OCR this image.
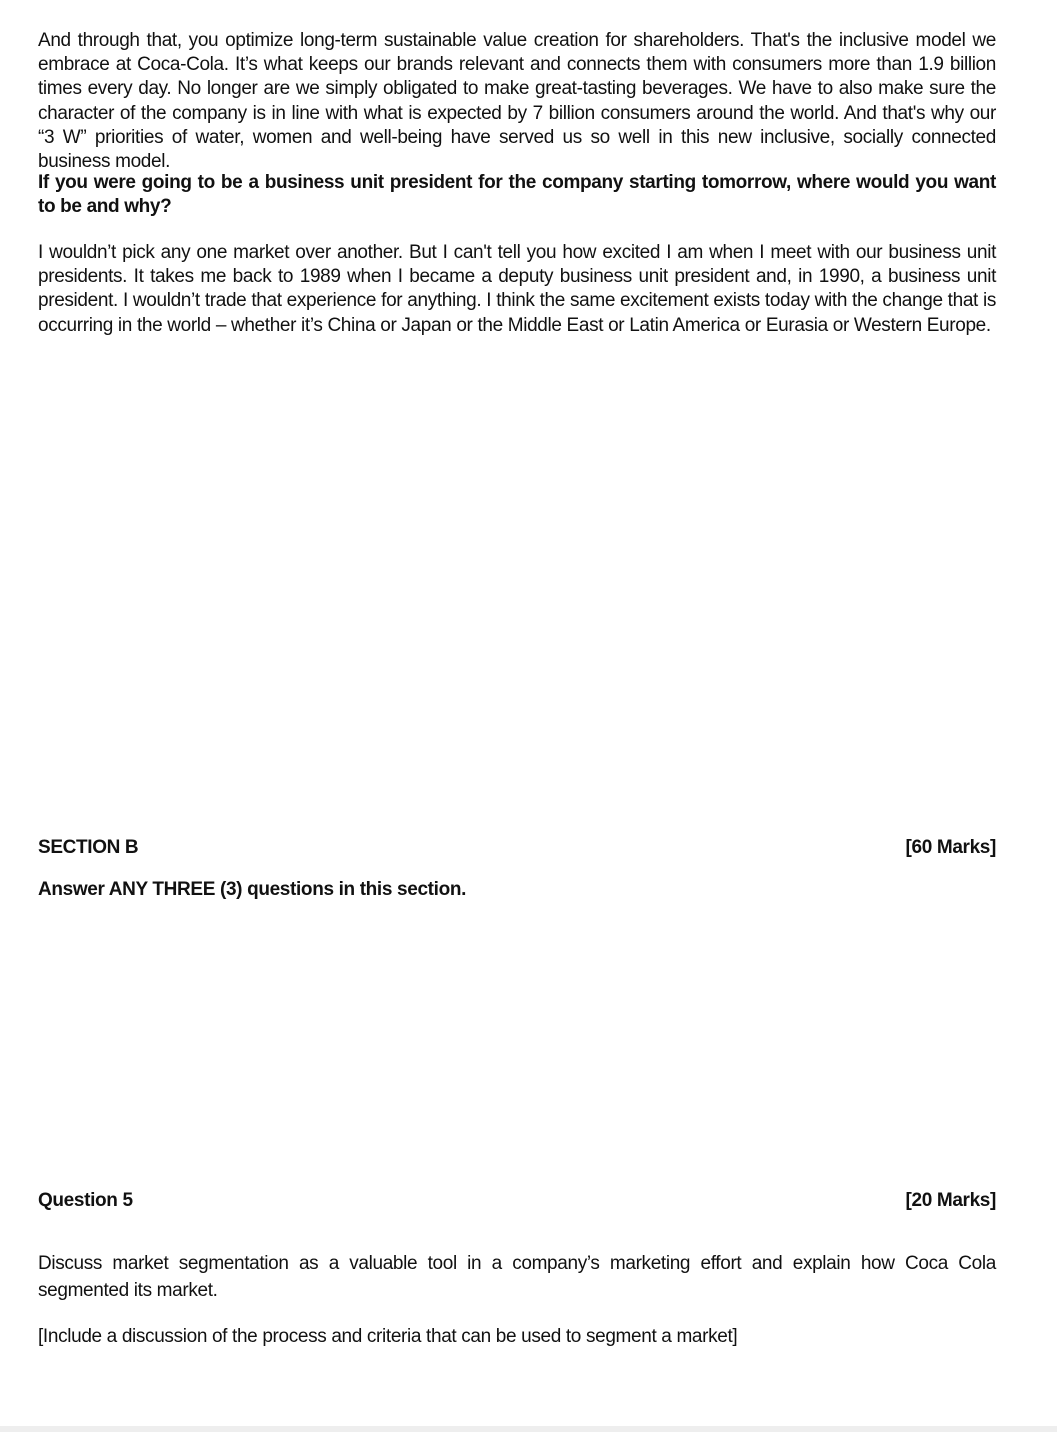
And through that, you optimize long-term sustainable value creation for shareholders. That's the inclusive model we embrace at Coca-Cola. It’s what keeps our brands relevant and connects them with consumers more than 1.9 billion times every day. No longer are we simply obligated to make great-tasting beverages. We have to also make sure the character of the company is in line with what is expected by 7 billion consumers around the world. And that's why our “3 W” priorities of water, women and well-being have served us so well in this new inclusive, socially connected business model.

If you were going to be a business unit president for the company starting tomorrow, where would you want to be and why?

I wouldn’t pick any one market over another. But I can't tell you how excited I am when I meet with our business unit presidents. It takes me back to 1989 when I became a deputy business unit president and, in 1990, a business unit president. I wouldn’t trade that experience for anything. I think the same excitement exists today with the change that is occurring in the world – whether it’s China or Japan or the Middle East or Latin America or Eurasia or Western Europe.

SECTION B	[60 Marks]

Answer ANY THREE (3) questions in this section.

Question 5	[20 Marks]

Discuss market segmentation as a valuable tool in a company’s marketing effort and explain how Coca Cola segmented its market.

[Include a discussion of the process and criteria that can be used to segment a market]
